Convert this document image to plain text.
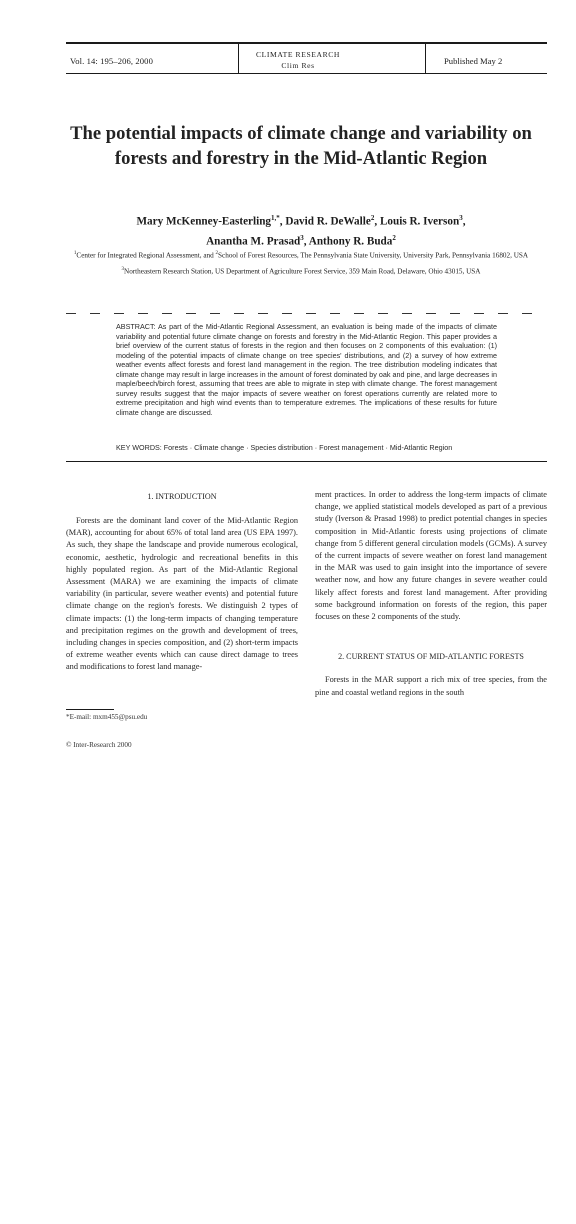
Vol. 14: 195–206, 2000
CLIMATE RESEARCH
Clim Res	Published May 2
The potential impacts of climate change and variability on forests and forestry in the Mid-Atlantic Region
Mary McKenney-Easterling$^{1,*}$, David R. DeWalle$^2$, Louis R. Iverson$^3$,
Anantha M. Prasad$^3$, Anthony R. Buda$^2$
$^1$Center for Integrated Regional Assessment, and $^2$School of Forest Resources, The Pennsylvania State University, University Park, Pennsylvania 16802, USA
$^3$Northeastern Research Station, US Department of Agriculture Forest Service, 359 Main Road, Delaware, Ohio 43015, USA
ABSTRACT: As part of the Mid-Atlantic Regional Assessment, an evaluation is being made of the impacts of climate variability and potential future climate change on forests and forestry in the Mid-Atlantic Region. This paper provides a brief overview of the current status of forests in the region and then focuses on 2 components of this evaluation: (1) modeling of the potential impacts of climate change on tree species' distributions, and (2) a survey of how extreme weather events affect forests and forest land management in the region. The tree distribution modeling indicates that climate change may result in large increases in the amount of forest dominated by oak and pine, and large decreases in maple/beech/birch forest, assuming that trees are able to migrate in step with climate change. The forest management survey results suggest that the major impacts of severe weather on forest operations currently are related more to extreme precipitation and high wind events than to temperature extremes. The implications of these results for future climate change are discussed.
KEY WORDS: Forests · Climate change · Species distribution · Forest management · Mid-Atlantic Region
1. INTRODUCTION

Forests are the dominant land cover of the Mid-Atlantic Region (MAR), accounting for about 65% of total land area (US EPA 1997). As such, they shape the landscape and provide numerous ecological, economic, aesthetic, hydrologic and recreational benefits in this highly populated region. As part of the Mid-Atlantic Regional Assessment (MARA) we are examining the impacts of climate variability (in particular, severe weather events) and potential future climate change on the region's forests. We distinguish 2 types of climate impacts: (1) the long-term impacts of changing temperature and precipitation regimes on the growth and development of trees, including changes in species composition, and (2) short-term impacts of extreme weather events which can cause direct damage to trees and modifications to forest land manage-

ment practices. In order to address the long-term impacts of climate change, we applied statistical models developed as part of a previous study (Iverson & Prasad 1998) to predict potential changes in species composition in Mid-Atlantic forests using projections of climate change from 5 different general circulation models (GCMs). A survey of the current impacts of severe weather on forest land management in the MAR was used to gain insight into the importance of severe weather now, and how any future changes in severe weather could likely affect forests and forest land management. After providing some background information on forests of the region, this paper focuses on these 2 components of the study.

2. CURRENT STATUS OF MID-ATLANTIC FORESTS

Forests in the MAR support a rich mix of tree species, from the pine and coastal wetland regions in the south

*E-mail: mxm455@psu.edu
© Inter-Research 2000
